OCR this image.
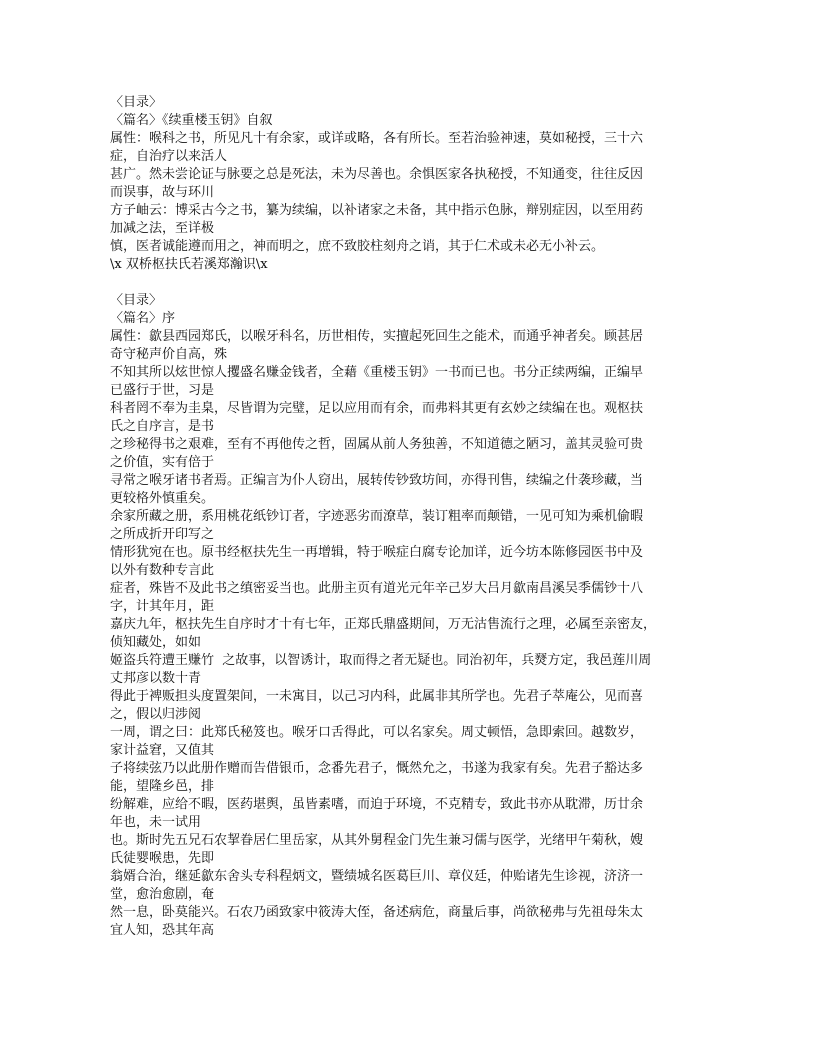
〈目录〉
〈篇名〉《续重楼玉钥》自叙
属性：喉科之书，所见凡十有余家，或详或略，各有所长。至若治验神速，莫如秘授，三十六
症，自治疗以来活人
甚广。然未尝论证与脉要之总是死法，未为尽善也。余惧医家各执秘授，不知通变，往往反因
而误事，故与环川
方子岫云：博采古今之书，纂为续编，以补诸家之未备，其中指示色脉，辩别症因，以至用药
加减之法，至详极
慎，医者诚能遵而用之，神而明之，庶不致胶柱刻舟之诮，其于仁术或未必无小补云。
\x 双桥枢扶氏若溪郑瀚识\x
〈目录〉
〈篇名〉序
属性：歙县西园郑氏，以喉牙科名，历世相传，实擅起死回生之能术，而通乎神者矣。顾甚居
奇守秘声价自高，殊
不知其所以炫世惊人攫盛名赚金钱者，全藉《重楼玉钥》一书而已也。书分正续两编，正编早
已盛行于世，习是
科者罔不奉为圭臬，尽皆谓为完璧，足以应用而有余，而弗料其更有玄妙之续编在也。观枢扶
氏之自序言，是书
之珍秘得书之艰难，至有不再他传之哲，固属从前人务独善，不知道德之陋习，盖其灵验可贵
之价值，实有倍于
寻常之喉牙诸书者焉。正编言为仆人窃出，展转传钞致坊间，亦得刊售，续编之什袭珍藏，当
更较格外慎重矣。
余家所藏之册，系用桃花纸钞订者，字迹恶劣而潦草，装订粗率而颠错，一见可知为乘机偷暇
之所成折开印写之
情形犹宛在也。原书经枢扶先生一再增辑，特于喉症白腐专论加详，近今坊本陈修园医书中及
以外有数种专言此
症者，殊皆不及此书之缜密妥当也。此册主页有道光元年辛己岁大吕月歙南昌溪吴季儒钞十八
字，计其年月，距
嘉庆九年，枢扶先生自序时才十有七年，正郑氏鼎盛期间，万无沽售流行之理，必属至亲密友，
侦知藏处，如如
姬盗兵符遭王赚竹  之故事，以智诱计，取而得之者无疑也。同治初年，兵燹方定，我邑莲川周
丈邦彦以数十青
得此于裨贩担头度置架间，一未寓目，以己习内科，此属非其所学也。先君子萃庵公，见而喜
之，假以归涉阅
一周，谓之曰：此郑氏秘笈也。喉牙口舌得此，可以名家矣。周丈顿悟，急即索回。越数岁，
家计益窘，又值其
子将续弦乃以此册作赠而告借银币，念番先君子，慨然允之，书遂为我家有矣。先君子豁达多
能，望隆乡邑，排
纷解难，应给不暇，医药堪舆，虽皆素嗜，而迫于环境，不克精专，致此书亦从耽滞，历廿余
年也，未一试用
也。斯时先五兄石农挈眷居仁里岳家，从其外舅程金门先生兼习儒与医学，光绪甲午菊秋，嫂
氏徒婴喉患，先即
翁婿合治，继延歙东舍头专科程炳文，暨绩城名医葛巨川、章仪廷，仲贻诸先生诊视，济济一
堂，愈治愈剧，奄
然一息，卧莫能兴。石农乃函致家中筱涛大侄，备述病危，商量后事，尚欲秘弗与先祖母朱太
宜人知，恐其年高
